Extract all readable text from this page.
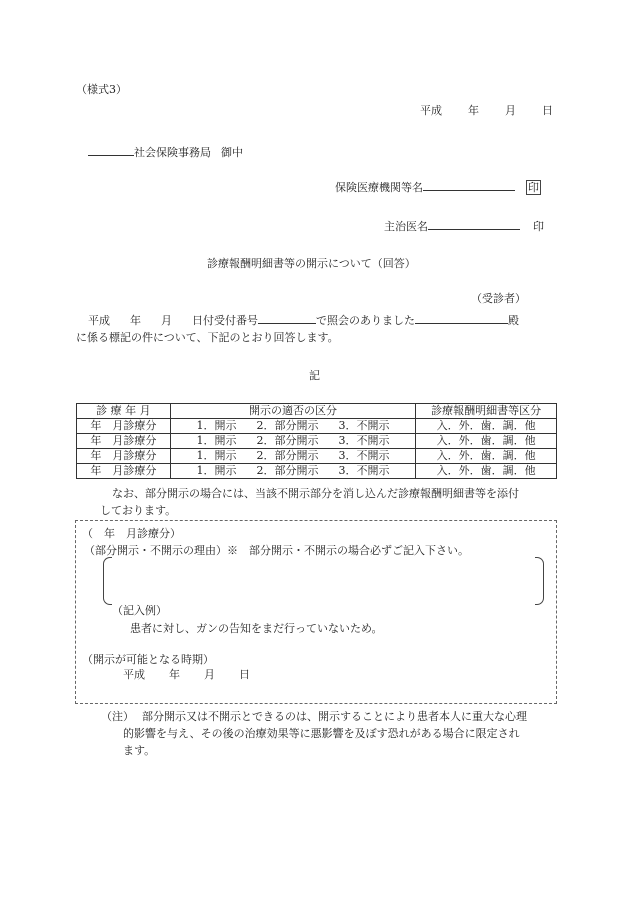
（様式3）
平成 年 月 日
社会保険事務局 御中
保険医療機関等名	印
主治医名	印
診療報酬明細書等の開示について（回答）
（受診者）
平成 年 月 日付受付番号	で照会のありました	殿
に係る標記の件について、下記のとおり回答します。
記
診 療 年 月	開示の適否の区分	診療報酬明細書等区分
年　月診療分	1．開示 2．部分開示 3．不開示	入．外．歯．調．他
年　月診療分	1．開示 2．部分開示 3．不開示	入．外．歯．調．他
年　月診療分	1．開示 2．部分開示 3．不開示	入．外．歯．調．他
年　月診療分	1．開示 2．部分開示 3．不開示	入．外．歯．調．他
なお、部分開示の場合には、当該不開示部分を消し込んだ診療報酬明細書等を添付
しております。
（　年　月診療分）
（部分開示・不開示の理由）※　部分開示・不開示の場合必ずご記入下さい。
（記入例）
患者に対し、ガンの告知をまだ行っていないため。
（開示が可能となる時期）
平成 年 月 日
（注） 部分開示又は不開示とできるのは、開示することにより患者本人に重大な心理
的影響を与え、その後の治療効果等に悪影響を及ぼす恐れがある場合に限定され
ます。
